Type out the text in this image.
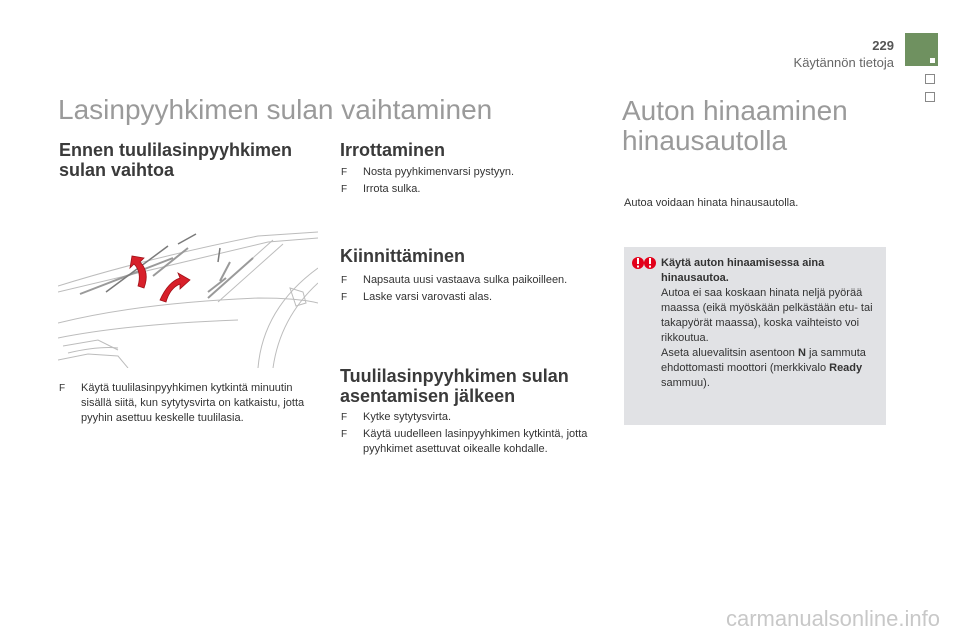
229
Käytännön tietoja
Lasinpyyhkimen sulan vaihtaminen
Ennen tuulilasinpyyhkimen sulan vaihtoa
F Käytä tuulilasinpyyhkimen kytkintä minuutin sisällä siitä, kun sytytysvirta on katkaistu, jotta pyyhin asettuu keskelle tuulilasia.
Irrottaminen
F Nosta pyyhkimenvarsi pystyyn.
F Irrota sulka.
Kiinnittäminen
F Napsauta uusi vastaava sulka paikoilleen.
F Laske varsi varovasti alas.
Tuulilasinpyyhkimen sulan asentamisen jälkeen
F Kytke sytytysvirta.
F Käytä uudelleen lasinpyyhkimen kytkintä, jotta pyyhkimet asettuvat oikealle kohdalle.
Auton hinaaminen hinausautolla
Autoa voidaan hinata hinausautolla.
Käytä auton hinaamisessa aina hinausautoa.
Autoa ei saa koskaan hinata neljä pyörää maassa (eikä myöskään pelkästään etu- tai takapyörät maassa), koska vaihteisto voi rikkoutua.
Aseta aluevalitsin asentoon N ja sammuta ehdottomasti moottori (merkkivalo Ready sammuu).
carmanualsonline.info
